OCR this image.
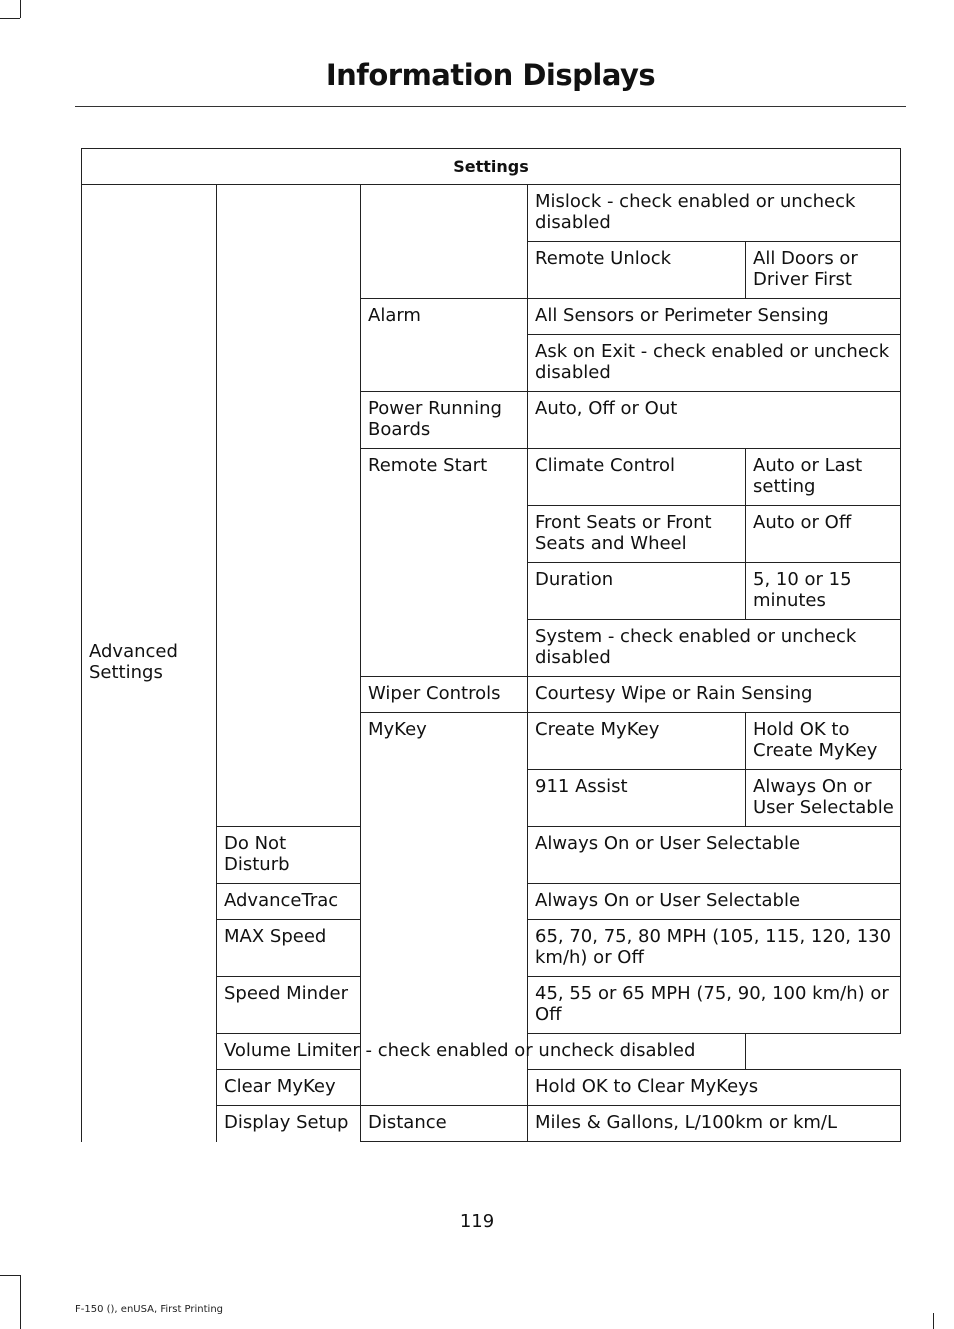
Information Displays
Settings				
Advanced Settings			Mislock - check enabled or uncheck disabled	
			Remote Unlock	All Doors or Driver First
		Alarm	All Sensors or Perimeter Sensing	
			Ask on Exit - check enabled or uncheck disabled	
		Power Running Boards	Auto, Off or Out	
		Remote Start	Climate Control	Auto or Last setting
			Front Seats or Front Seats and Wheel	Auto or Off
			Duration	5, 10 or 15 minutes
			System - check enabled or uncheck disabled	
		Wiper Controls	Courtesy Wipe or Rain Sensing	
		MyKey	Create MyKey	Hold OK to Create MyKey
			911 Assist	Always On or User Selectable
	Do Not Disturb		Always On or User Selectable	
	AdvanceTrac		Always On or User Selectable	
	MAX Speed		65, 70, 75, 80 MPH (105, 115, 120, 130 km/h) or Off	
	Speed Minder		45, 55 or 65 MPH (75, 90, 100 km/h) or Off	
	Volume Limiter - check enabled or uncheck disabled			
	Clear MyKey		Hold OK to Clear MyKeys	
	Display Setup	Distance	Miles & Gallons, L/100km or km/L	
119
F-150 (), enUSA, First Printing
